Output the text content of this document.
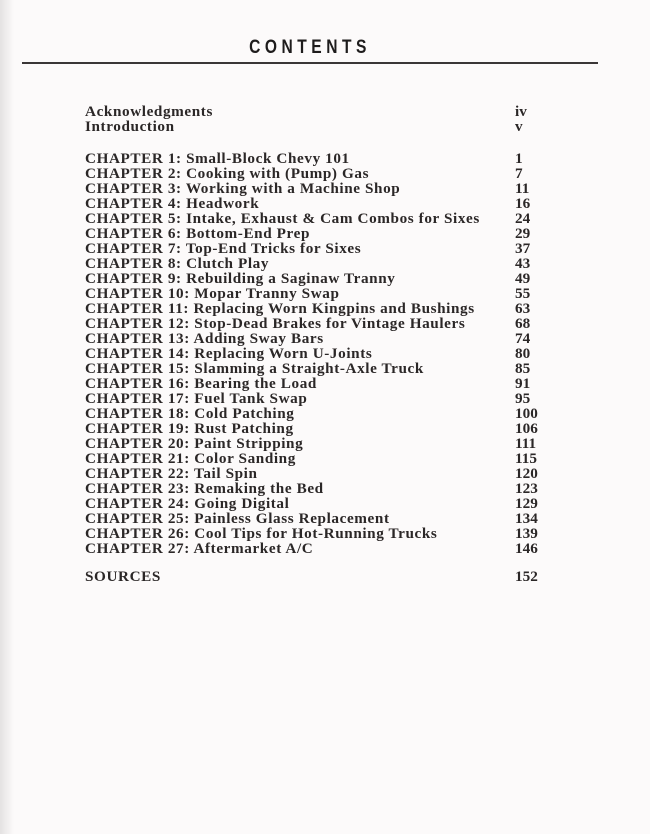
CONTENTS
Acknowledgments	iv
Introduction	v
CHAPTER 1: Small-Block Chevy 101	1
CHAPTER 2: Cooking with (Pump) Gas	7
CHAPTER 3: Working with a Machine Shop	11
CHAPTER 4: Headwork	16
CHAPTER 5: Intake, Exhaust & Cam Combos for Sixes	24
CHAPTER 6: Bottom-End Prep	29
CHAPTER 7: Top-End Tricks for Sixes	37
CHAPTER 8: Clutch Play	43
CHAPTER 9: Rebuilding a Saginaw Tranny	49
CHAPTER 10: Mopar Tranny Swap	55
CHAPTER 11: Replacing Worn Kingpins and Bushings	63
CHAPTER 12: Stop-Dead Brakes for Vintage Haulers	68
CHAPTER 13: Adding Sway Bars	74
CHAPTER 14: Replacing Worn U-Joints	80
CHAPTER 15: Slamming a Straight-Axle Truck	85
CHAPTER 16: Bearing the Load	91
CHAPTER 17: Fuel Tank Swap	95
CHAPTER 18: Cold Patching	100
CHAPTER 19: Rust Patching	106
CHAPTER 20: Paint Stripping	111
CHAPTER 21: Color Sanding	115
CHAPTER 22: Tail Spin	120
CHAPTER 23: Remaking the Bed	123
CHAPTER 24: Going Digital	129
CHAPTER 25: Painless Glass Replacement	134
CHAPTER 26: Cool Tips for Hot-Running Trucks	139
CHAPTER 27: Aftermarket A/C	146
SOURCES	152
